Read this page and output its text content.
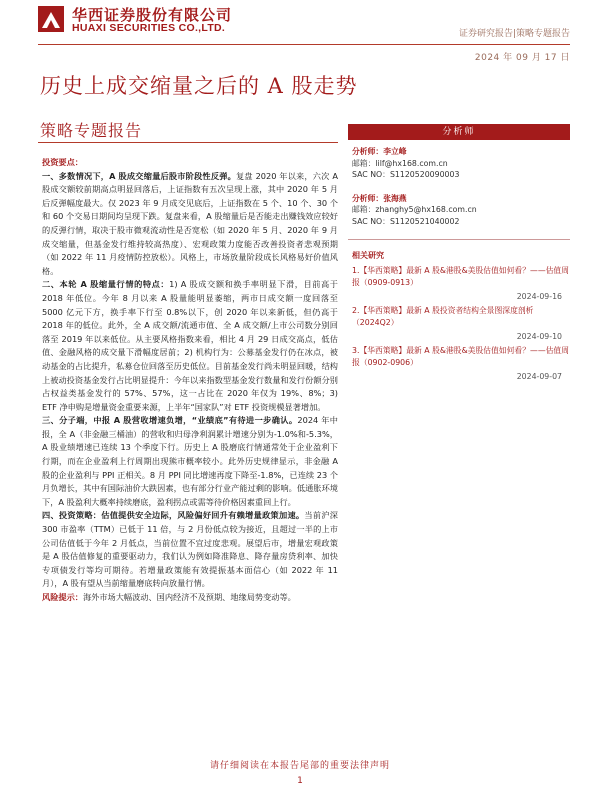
华西证券股份有限公司
HUAXI SECURITIES CO.,LTD.	证券研究报告|策略专题报告
2024 年 09 月 17 日
历史上成交缩量之后的 A 股走势
策略专题报告

投资要点：

一、多数情况下，A 股成交缩量后股市阶段性反弹。复盘 2020 年以来，六次 A 股成交额较前期高点明显回落后，上证指数有五次呈现上涨，其中 2020 年 5 月后反弹幅度最大。仅 2023 年 9 月成交见底后，上证指数在 5 个、10 个、30 个和 60 个交易日期间均呈现下跌。复盘来看，A 股缩量后是否能走出赚钱效应较好的反弹行情，取决于股市微观流动性是否宽松（如 2020 年 5 月、2020 年 9 月成交缩量，但基金发行维持较高热度）、宏观政策力度能否改善投资者悲观预期（如 2022 年 11 月疫情防控放松）。风格上，市场放量阶段成长风格易好价值风格。

二、本轮 A 股缩量行情的特点：1) A 股成交额和换手率明显下滑，目前高于 2018 年低位。今年 8 月以来 A 股量能明显萎缩，两市日成交额一度回落至 5000 亿元下方，换手率下行至 0.8%以下，创 2020 年以来新低，但仍高于 2018 年的低位。此外，全 A 成交额/流通市值、全 A 成交额/上市公司数分别回落至 2019 年以来低位。从主要风格指数来看，相比 4 月 29 日成交高点，低估值、金融风格的成交量下滑幅度居前；2) 机构行为：公募基金发行仍在冰点，被动基金的占比提升，私募仓位回落至历史低位。目前基金发行尚未明显回暖，结构上被动投资基金发行占比明显提升：今年以来指数型基金发行数量和发行份额分别占权益类基金发行的 57%、57%，这一占比在 2020 年仅为 19%、8%；3) ETF 净申购是增量资金重要来源，上半年“国家队”对 ETF 投资规模显著增加。

三、分子端，中报 A 股营收增速负增，“业绩底”有待进一步确认。2024 年中报，全 A（非金融三桶油）的营收和归母净利润累计增速分别为-1.0%和-5.3%，A 股业绩增速已连续 13 个季度下行。历史上 A 股磨底行情通常处于企业盈利下行期，而在企业盈利上行周期出现熊市概率较小。此外历史规律显示，非金融 A 股的企业盈利与 PPI 正相关。8 月 PPI 同比增速再度下降至-1.8%，已连续 23 个月负增长，其中有国际油价大跌因素，也有部分行业产能过剩的影响。低通胀环境下，A 股盈利大概率持续磨底，盈利拐点或需等待价格因素重回上行。

四、投资策略：估值提供安全边际，风险偏好回升有赖增量政策加速。当前沪深 300 市盈率（TTM）已低于 11 倍，与 2 月份低点较为接近，且超过一半的上市公司估值低于今年 2 月低点，当前位置不宜过度悲观。展望后市，增量宏观政策是 A 股估值修复的重要驱动力，我们认为例如降准降息、降存量房贷利率、加快专项债发行等均可期待。若增量政策能有效提振基本面信心（如 2022 年 11 月），A 股有望从当前缩量磨底转向放量行情。

风险提示：海外市场大幅波动、国内经济不及预期、地缘局势变动等。

分析师
分析师：李立峰
邮箱：lilf@hx168.com.cn
SAC NO：S1120520090003
分析师：张海燕
邮箱：zhanghy5@hx168.com.cn
SAC NO：S1120521040002
相关研究
1.【华西策略】最新 A 股&港股&美股估值如何看？——估值周报（0909-0913）
2024-09-16
2.【华西策略】最新 A 股投资者结构全景图深度剖析（2024Q2）
2024-09-10
3.【华西策略】最新 A 股&港股&美股估值如何看？——估值周报（0902-0906）
2024-09-07
请仔细阅读在本报告尾部的重要法律声明
1
